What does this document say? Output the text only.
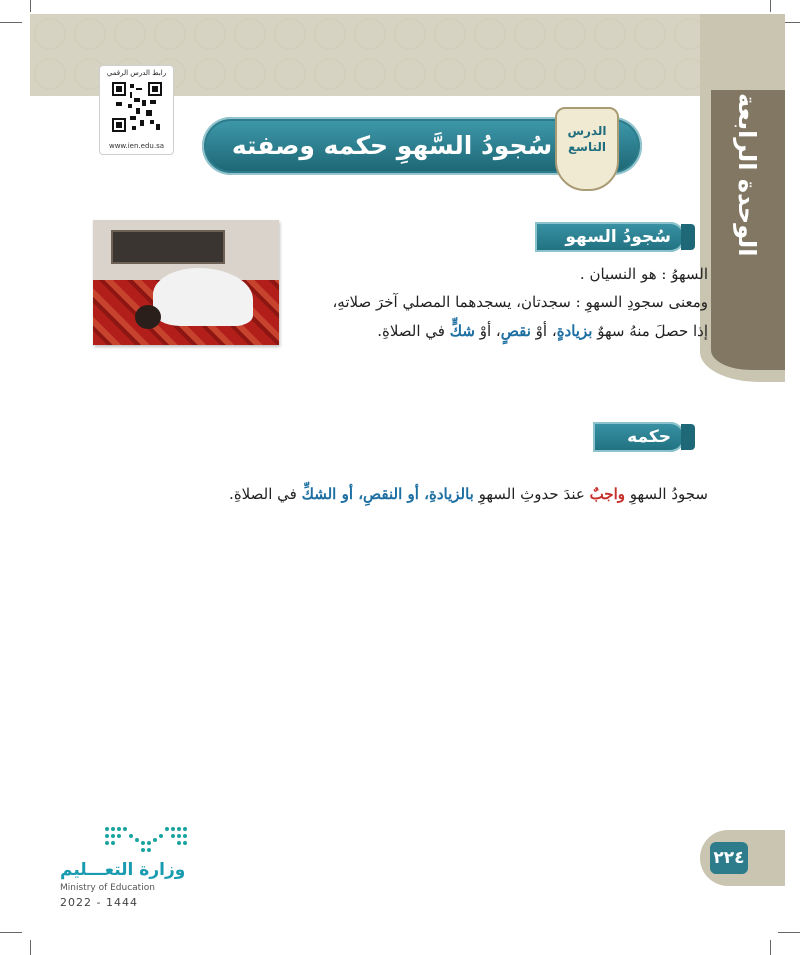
الوحدة الرابعة
رابط الدرس الرقمي
www.ien.edu.sa	سُجودُ السَّهوِ حكمه وصفته	الدرس
التاسع
سُجودُ السهو
السهوُ : هو النسيان .
ومعنى سجودِ السهوِ : سجدتان، يسجدهما المصلي آخرَ صلاتهِ،
إذا حصلَ منهُ سهوٌ بزيادةٍ، أوْ نقصٍ، أوْ شكٍّ في الصلاةِ.
حكمه
سجودُ السهوِ واجبٌ عندَ حدوثِ السهوِ بالزيادةِ، أو النقصِ، أو الشكِّ في الصلاةِ.
٢٢٤
وزارة التعـــليم
Ministry of Education
2022 - 1444
